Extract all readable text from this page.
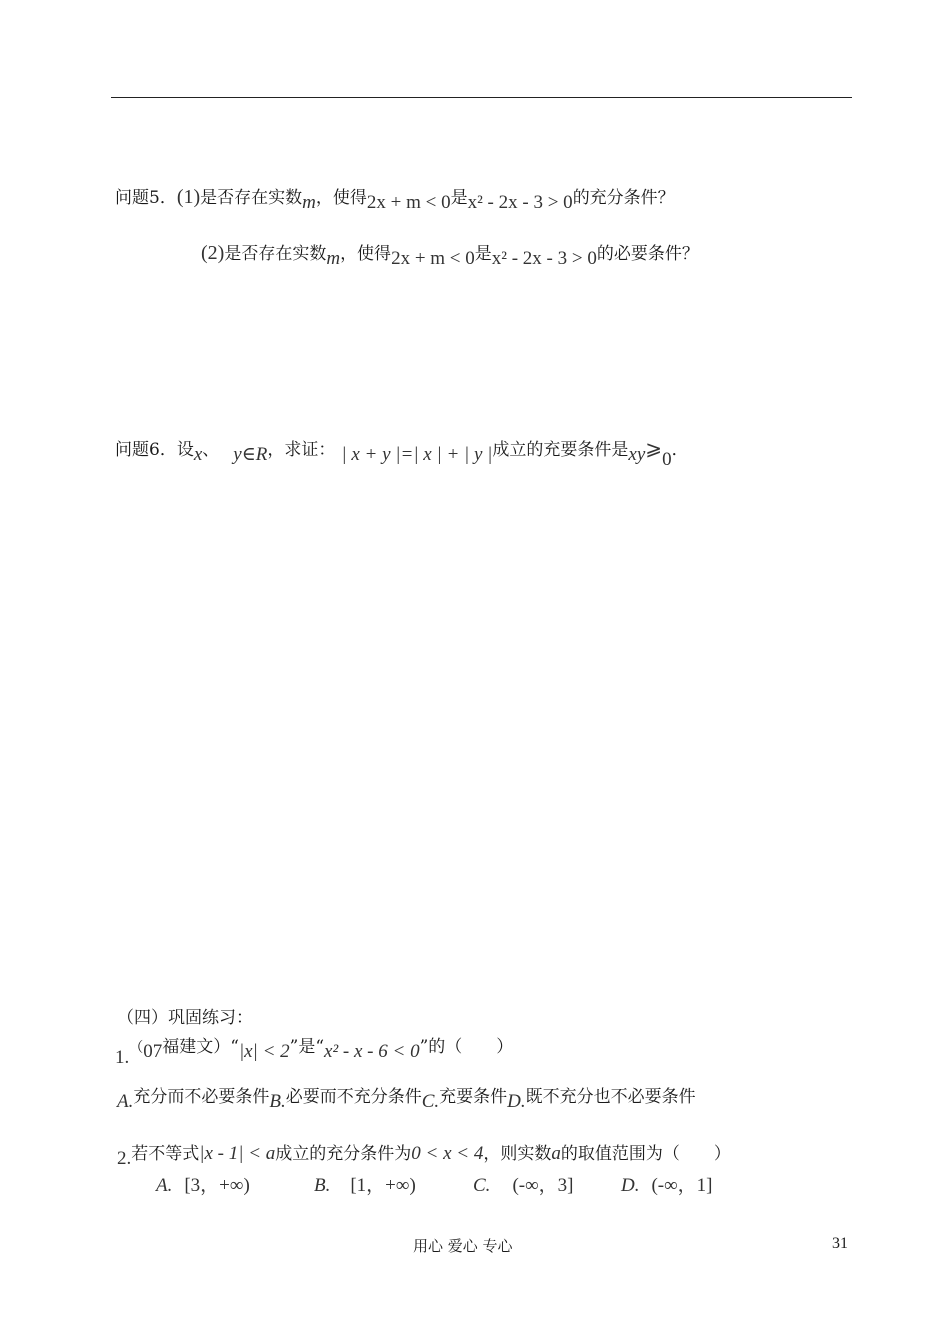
问题5．(1)是否存在实数m，使得2x + m < 0是x² - 2x - 3 > 0的充分条件？
(2)是否存在实数m，使得2x + m < 0是x² - 2x - 3 > 0的必要条件？
问题6．设x、 y∈R，求证： | x + y |=| x | + | y |成立的充要条件是xy⩾0．
（四）巩固练习：
1.（07福建文）“|x| < 2”是“x² - x - 6 < 0”的（　　）
A.充分而不必要条件B.必要而不充分条件C.充要条件D.既不充分也不必要条件
2.若不等式|x - 1| < a成立的充分条件为0 < x < 4，则实数a的取值范围为（　　）
A. [3，+∞)	B. [1，+∞)	C. (-∞，3]	D. (-∞，1]
用心 爱心 专心	31
